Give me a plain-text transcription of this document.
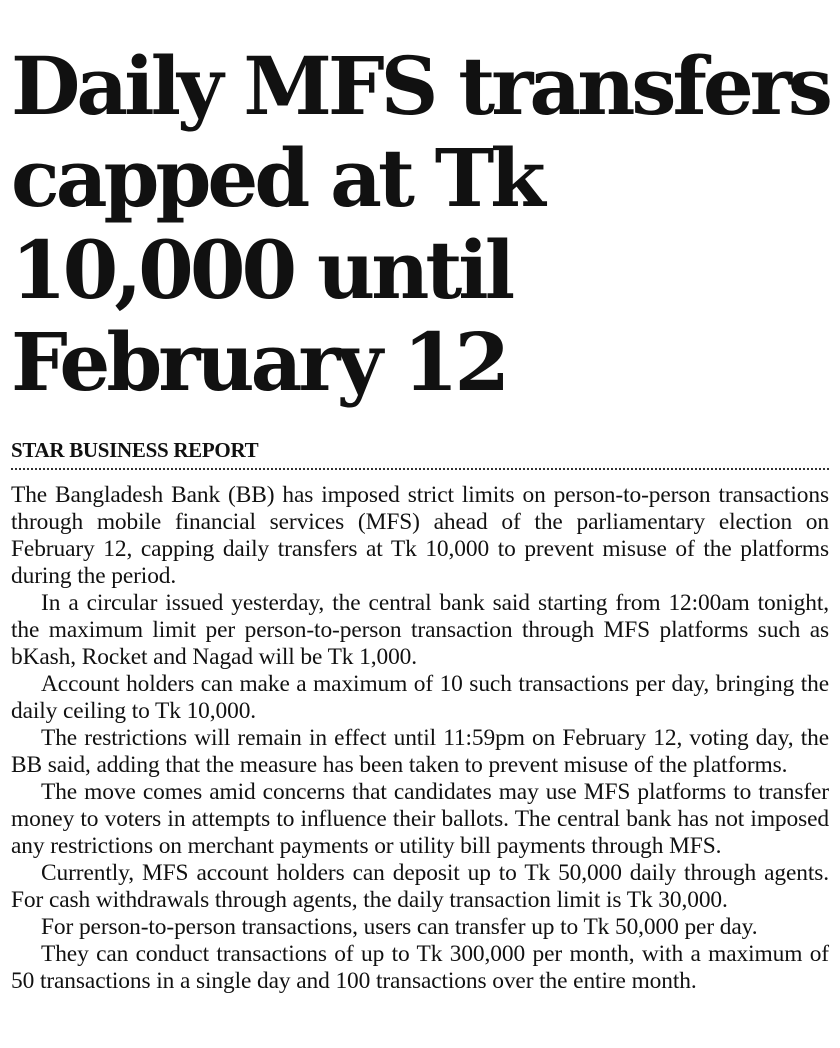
Daily MFS transfers capped at Tk 10,000 until February 12
STAR BUSINESS REPORT

The Bangladesh Bank (BB) has imposed strict limits on person-to-person transactions through mobile financial services (MFS) ahead of the parliamentary election on February 12, capping daily transfers at Tk 10,000 to prevent misuse of the platforms during the period.

In a circular issued yesterday, the central bank said starting from 12:00am tonight, the maximum limit per person-to-person transaction through MFS platforms such as bKash, Rocket and Nagad will be Tk 1,000.

Account holders can make a maximum of 10 such transactions per day, bringing the daily ceiling to Tk 10,000.

The restrictions will remain in effect until 11:59pm on February 12, voting day, the BB said, adding that the measure has been taken to prevent misuse of the platforms.

The move comes amid concerns that candidates may use MFS platforms to transfer money to voters in attempts to influence their ballots. The central bank has not imposed any restrictions on merchant payments or utility bill payments through MFS.

Currently, MFS account holders can deposit up to Tk 50,000 daily through agents. For cash withdrawals through agents, the daily transaction limit is Tk 30,000.

For person-to-person transactions, users can transfer up to Tk 50,000 per day.

They can conduct transactions of up to Tk 300,000 per month, with a maximum of 50 transactions in a single day and 100 transactions over the entire month.
